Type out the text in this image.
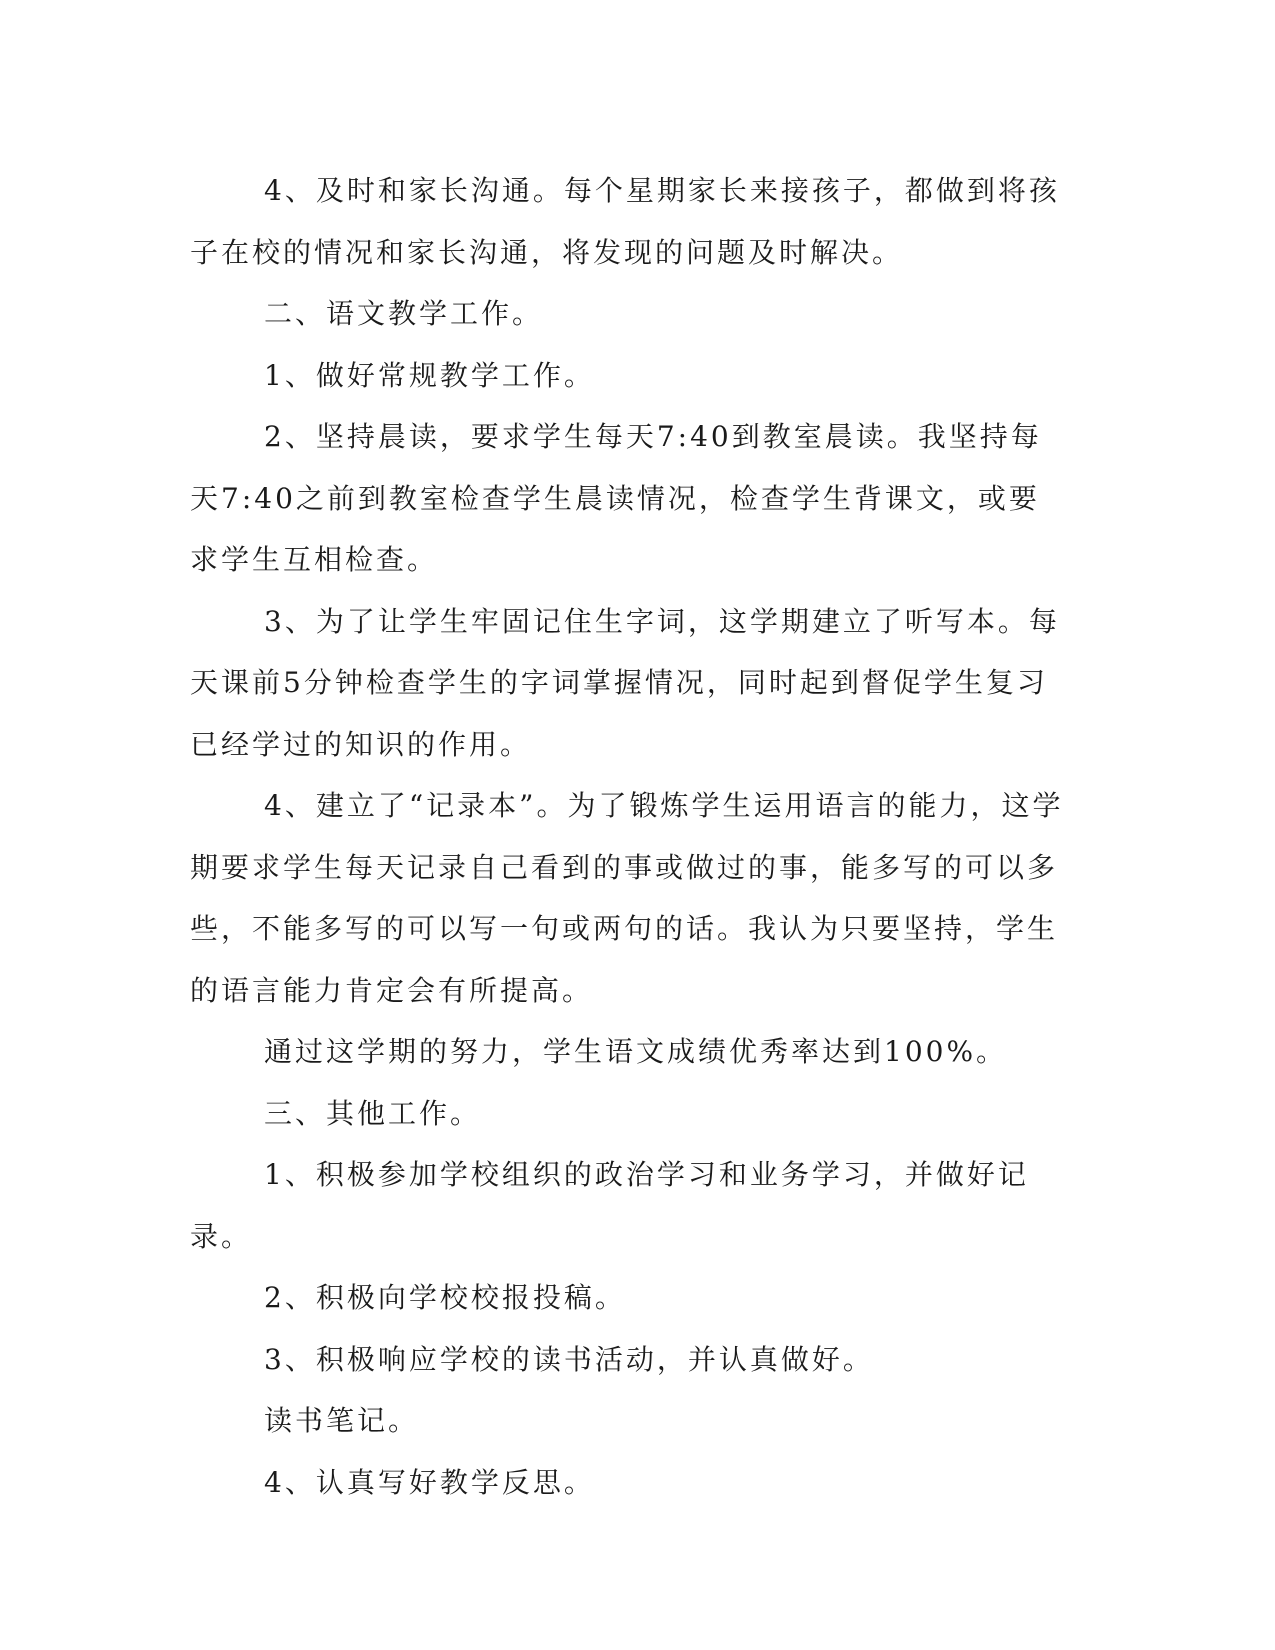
4、及时和家长沟通。每个星期家长来接孩子，都做到将孩子在校的情况和家长沟通，将发现的问题及时解决。

二、语文教学工作。

1、做好常规教学工作。

2、坚持晨读，要求学生每天7:40到教室晨读。我坚持每天7:40之前到教室检查学生晨读情况，检查学生背课文，或要求学生互相检查。

3、为了让学生牢固记住生字词，这学期建立了听写本。每天课前5分钟检查学生的字词掌握情况，同时起到督促学生复习已经学过的知识的作用。

4、建立了“记录本”。为了锻炼学生运用语言的能力，这学期要求学生每天记录自己看到的事或做过的事，能多写的可以多些，不能多写的可以写一句或两句的话。我认为只要坚持，学生的语言能力肯定会有所提高。

通过这学期的努力，学生语文成绩优秀率达到100%。

三、其他工作。

1、积极参加学校组织的政治学习和业务学习，并做好记录。

2、积极向学校校报投稿。

3、积极响应学校的读书活动，并认真做好。

读书笔记。

4、认真写好教学反思。
